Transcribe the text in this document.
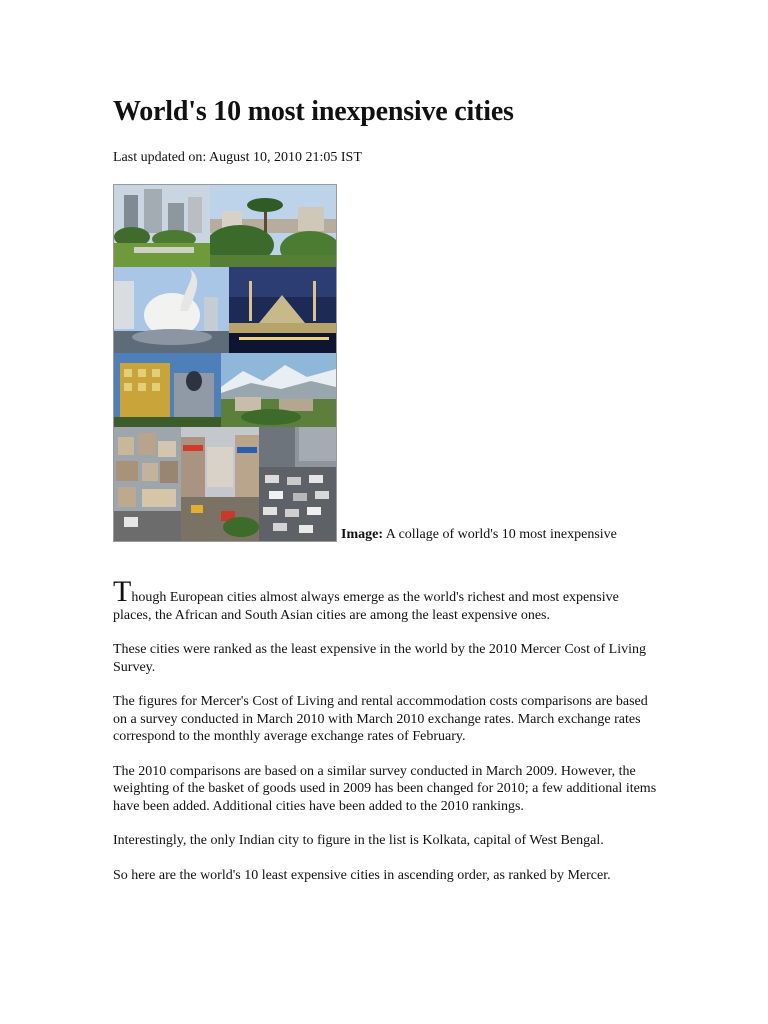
World's 10 most inexpensive cities
Last updated on: August 10, 2010 21:05 IST
Image: A collage of world's 10 most inexpensive

Though European cities almost always emerge as the world's richest and most expensive places, the African and South Asian cities are among the least expensive ones.

These cities were ranked as the least expensive in the world by the 2010 Mercer Cost of Living Survey.

The figures for Mercer's Cost of Living and rental accommodation costs comparisons are based on a survey conducted in March 2010 with March 2010 exchange rates. March exchange rates correspond to the monthly average exchange rates of February.

The 2010 comparisons are based on a similar survey conducted in March 2009. However, the weighting of the basket of goods used in 2009 has been changed for 2010; a few additional items have been added. Additional cities have been added to the 2010 rankings.

Interestingly, the only Indian city to figure in the list is Kolkata, capital of West Bengal.

So here are the world's 10 least expensive cities in ascending order, as ranked by Mercer.
